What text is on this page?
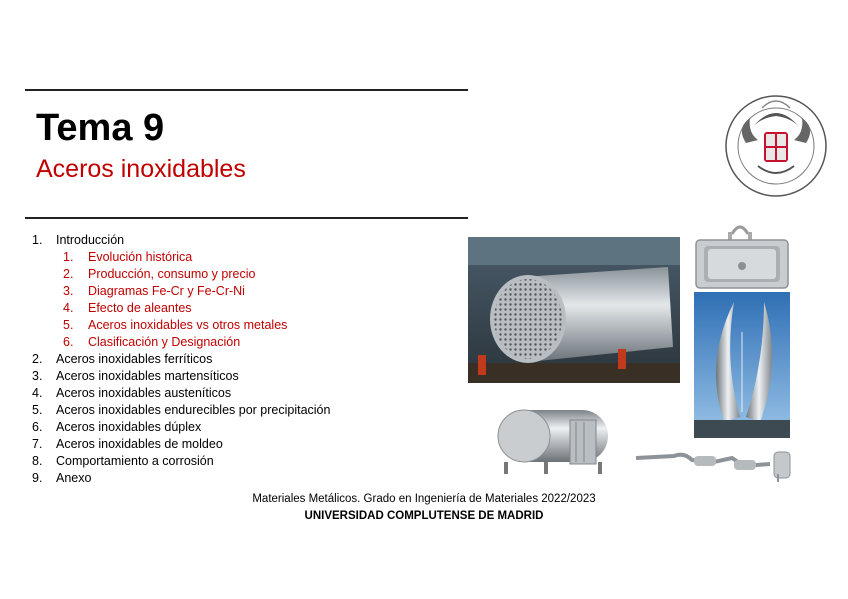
Tema 9
Aceros inoxidables
1. Introducción
1. Evolución histórica
2. Producción, consumo y precio
3. Diagramas Fe-Cr y Fe-Cr-Ni
4. Efecto de aleantes
5. Aceros inoxidables vs otros metales
6. Clasificación y Designación
2. Aceros inoxidables ferríticos
3. Aceros inoxidables martensíticos
4. Aceros inoxidables austeníticos
5. Aceros inoxidables endurecibles por precipitación
6. Aceros inoxidables dúplex
7. Aceros inoxidables de moldeo
8. Comportamiento a corrosión
9. Anexo
Materiales Metálicos. Grado en Ingeniería de Materiales 2022/2023
UNIVERSIDAD COMPLUTENSE DE MADRID
